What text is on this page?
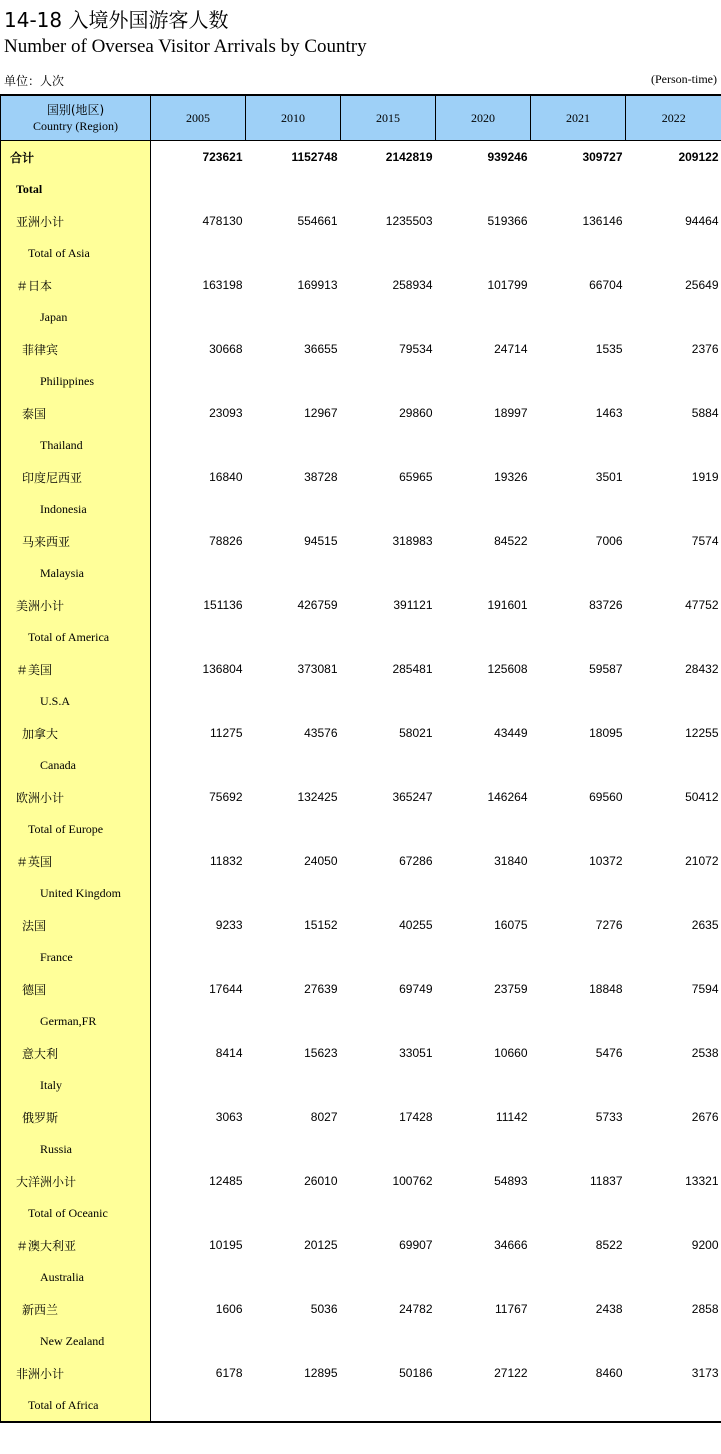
14-18 入境外国游客人数
Number of Oversea Visitor Arrivals by Country
单位：人次	(Person-time)
国别(地区)
Country (Region)	2005	2010	2015	2020	2021	2022
合计	723621	1152748	2142819	939246	309727	209122
Total						
亚洲小计	478130	554661	1235503	519366	136146	94464
Total of Asia						
＃日本	163198	169913	258934	101799	66704	25649
Japan						
菲律宾	30668	36655	79534	24714	1535	2376
Philippines						
泰国	23093	12967	29860	18997	1463	5884
Thailand						
印度尼西亚	16840	38728	65965	19326	3501	1919
Indonesia						
马来西亚	78826	94515	318983	84522	7006	7574
Malaysia						
美洲小计	151136	426759	391121	191601	83726	47752
Total of America						
＃美国	136804	373081	285481	125608	59587	28432
U.S.A						
加拿大	11275	43576	58021	43449	18095	12255
Canada						
欧洲小计	75692	132425	365247	146264	69560	50412
Total of Europe						
＃英国	11832	24050	67286	31840	10372	21072
United Kingdom						
法国	9233	15152	40255	16075	7276	2635
France						
德国	17644	27639	69749	23759	18848	7594
German,FR						
意大利	8414	15623	33051	10660	5476	2538
Italy						
俄罗斯	3063	8027	17428	11142	5733	2676
Russia						
大洋洲小计	12485	26010	100762	54893	11837	13321
Total of Oceanic						
＃澳大利亚	10195	20125	69907	34666	8522	9200
Australia						
新西兰	1606	5036	24782	11767	2438	2858
New Zealand						
非洲小计	6178	12895	50186	27122	8460	3173
Total of Africa						
